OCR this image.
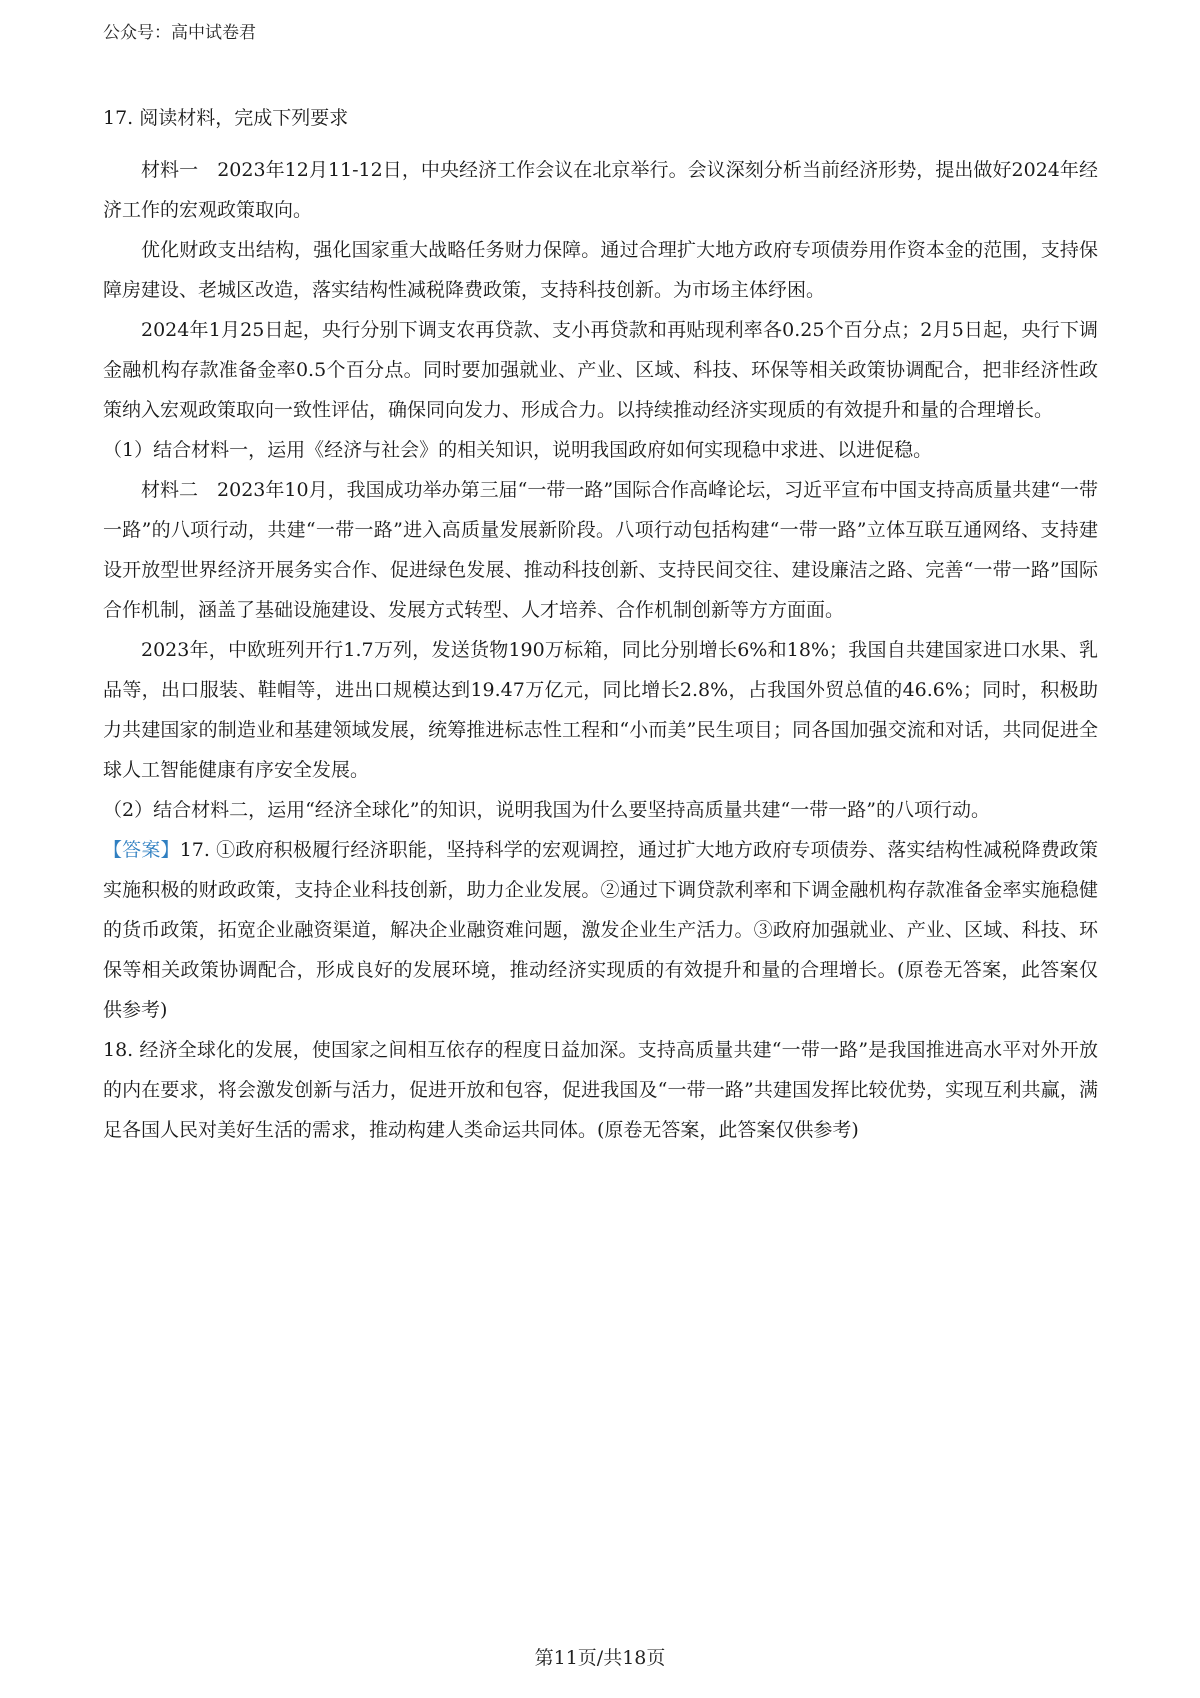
公众号：高中试卷君

17. 阅读材料，完成下列要求

材料一　2023年12月11-12日，中央经济工作会议在北京举行。会议深刻分析当前经济形势，提出做好2024年经济工作的宏观政策取向。

优化财政支出结构，强化国家重大战略任务财力保障。通过合理扩大地方政府专项债券用作资本金的范围，支持保障房建设、老城区改造，落实结构性减税降费政策，支持科技创新。为市场主体纾困。

2024年1月25日起，央行分别下调支农再贷款、支小再贷款和再贴现利率各0.25个百分点；2月5日起，央行下调金融机构存款准备金率0.5个百分点。同时要加强就业、产业、区域、科技、环保等相关政策协调配合，把非经济性政策纳入宏观政策取向一致性评估，确保同向发力、形成合力。以持续推动经济实现质的有效提升和量的合理增长。

（1）结合材料一，运用《经济与社会》的相关知识，说明我国政府如何实现稳中求进、以进促稳。

材料二　2023年10月，我国成功举办第三届“一带一路”国际合作高峰论坛，习近平宣布中国支持高质量共建“一带一路”的八项行动，共建“一带一路”进入高质量发展新阶段。八项行动包括构建“一带一路”立体互联互通网络、支持建设开放型世界经济开展务实合作、促进绿色发展、推动科技创新、支持民间交往、建设廉洁之路、完善“一带一路”国际合作机制，涵盖了基础设施建设、发展方式转型、人才培养、合作机制创新等方方面面。

2023年，中欧班列开行1.7万列，发送货物190万标箱，同比分别增长6%和18%；我国自共建国家进口水果、乳品等，出口服装、鞋帽等，进出口规模达到19.47万亿元，同比增长2.8%，占我国外贸总值的46.6%；同时，积极助力共建国家的制造业和基建领域发展，统筹推进标志性工程和“小而美”民生项目；同各国加强交流和对话，共同促进全球人工智能健康有序安全发展。

（2）结合材料二，运用“经济全球化”的知识，说明我国为什么要坚持高质量共建“一带一路”的八项行动。

【答案】17. ①政府积极履行经济职能，坚持科学的宏观调控，通过扩大地方政府专项债券、落实结构性减税降费政策实施积极的财政政策，支持企业科技创新，助力企业发展。②通过下调贷款利率和下调金融机构存款准备金率实施稳健的货币政策，拓宽企业融资渠道，解决企业融资难问题，激发企业生产活力。③政府加强就业、产业、区域、科技、环保等相关政策协调配合，形成良好的发展环境，推动经济实现质的有效提升和量的合理增长。(原卷无答案，此答案仅供参考)

18. 经济全球化的发展，使国家之间相互依存的程度日益加深。支持高质量共建“一带一路”是我国推进高水平对外开放的内在要求，将会激发创新与活力，促进开放和包容，促进我国及“一带一路”共建国发挥比较优势，实现互利共赢，满足各国人民对美好生活的需求，推动构建人类命运共同体。(原卷无答案，此答案仅供参考)

第11页/共18页
